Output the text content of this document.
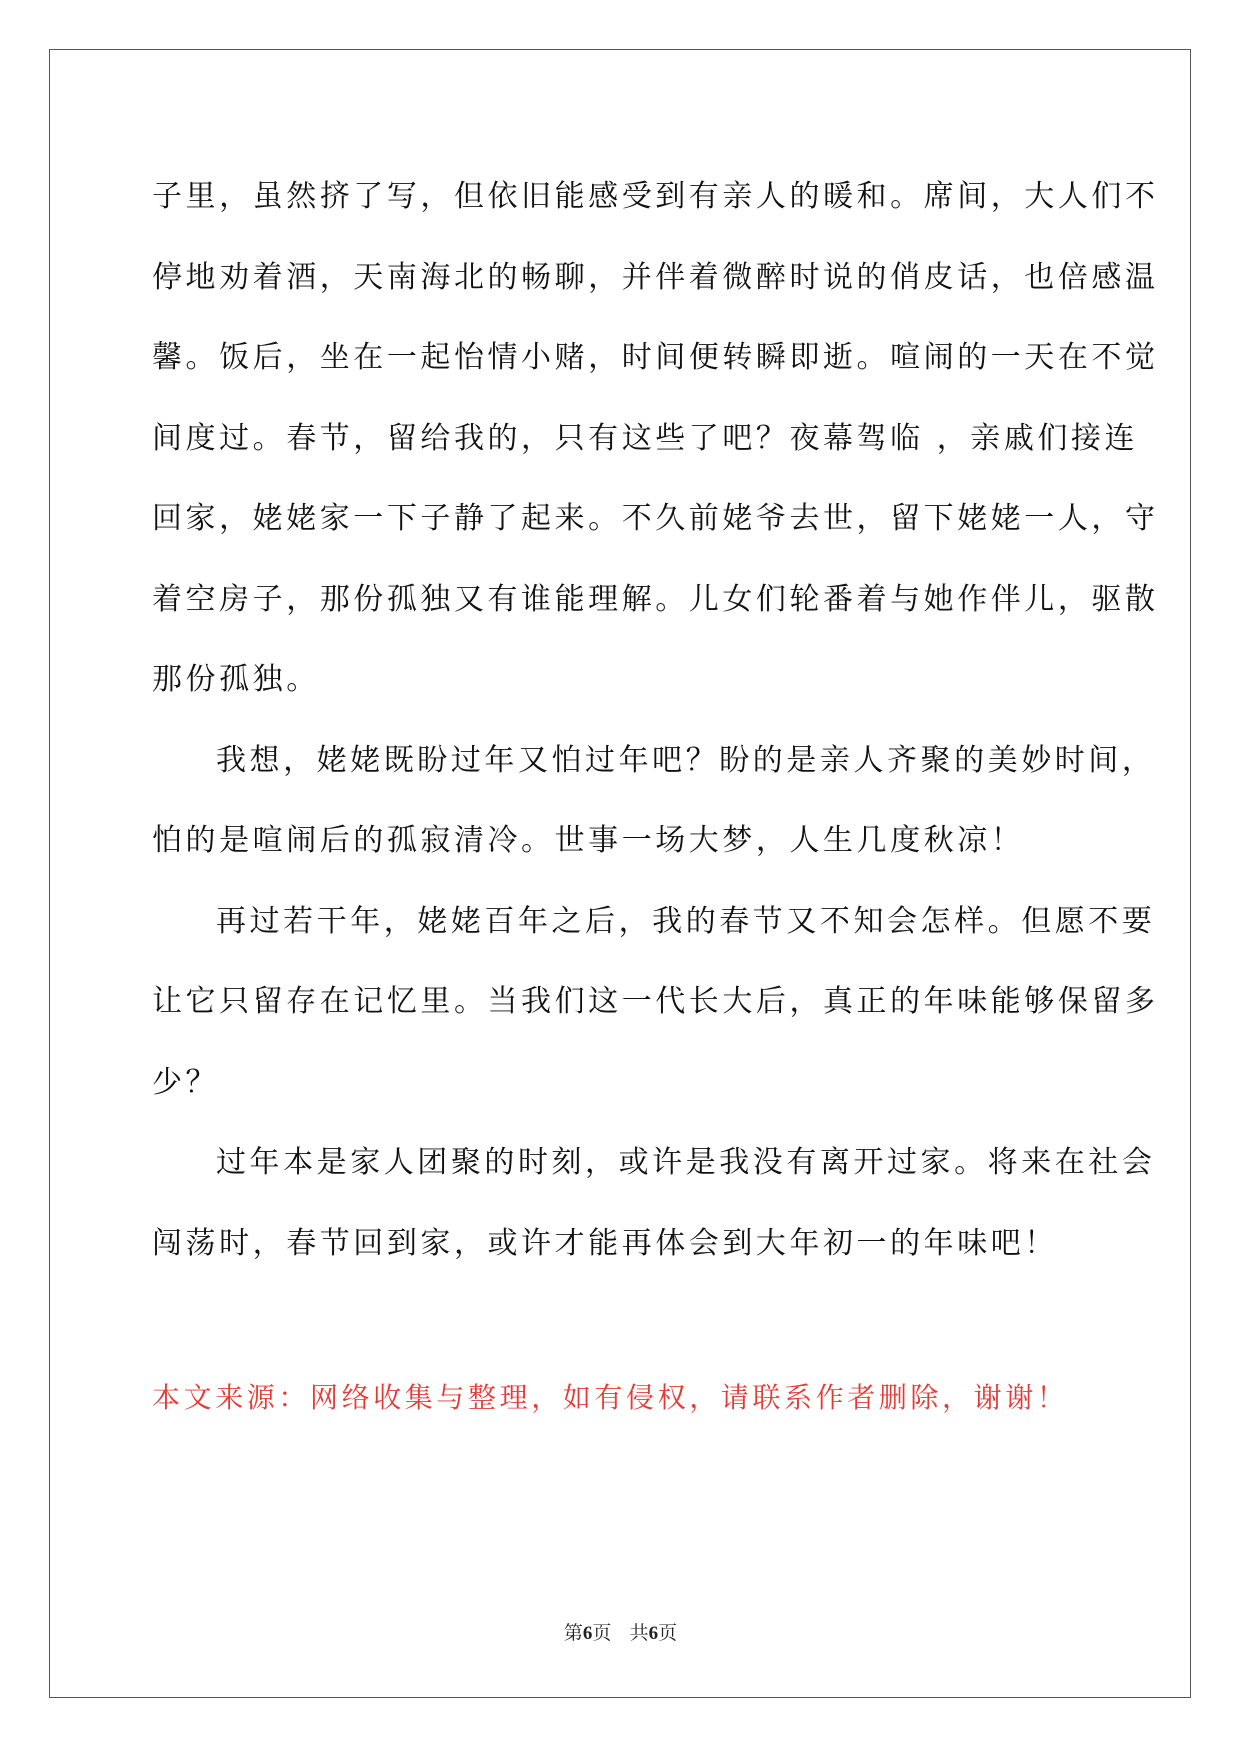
子里，虽然挤了写，但依旧能感受到有亲人的暖和。席间，大人们不
停地劝着酒，天南海北的畅聊，并伴着微醉时说的俏皮话，也倍感温
馨。饭后，坐在一起怡情小赌，时间便转瞬即逝。喧闹的一天在不觉
间度过。春节，留给我的，只有这些了吧？夜幕驾临 ，亲戚们接连
回家，姥姥家一下子静了起来。不久前姥爷去世，留下姥姥一人，守
着空房子，那份孤独又有谁能理解。儿女们轮番着与她作伴儿，驱散
那份孤独。

我想，姥姥既盼过年又怕过年吧？盼的是亲人齐聚的美妙时间，
怕的是喧闹后的孤寂清冷。世事一场大梦，人生几度秋凉！

再过若干年，姥姥百年之后，我的春节又不知会怎样。但愿不要
让它只留存在记忆里。当我们这一代长大后，真正的年味能够保留多
少？

过年本是家人团聚的时刻，或许是我没有离开过家。将来在社会
闯荡时，春节回到家，或许才能再体会到大年初一的年味吧！

本文来源：网络收集与整理，如有侵权，请联系作者删除，谢谢！

第6页 共6页
